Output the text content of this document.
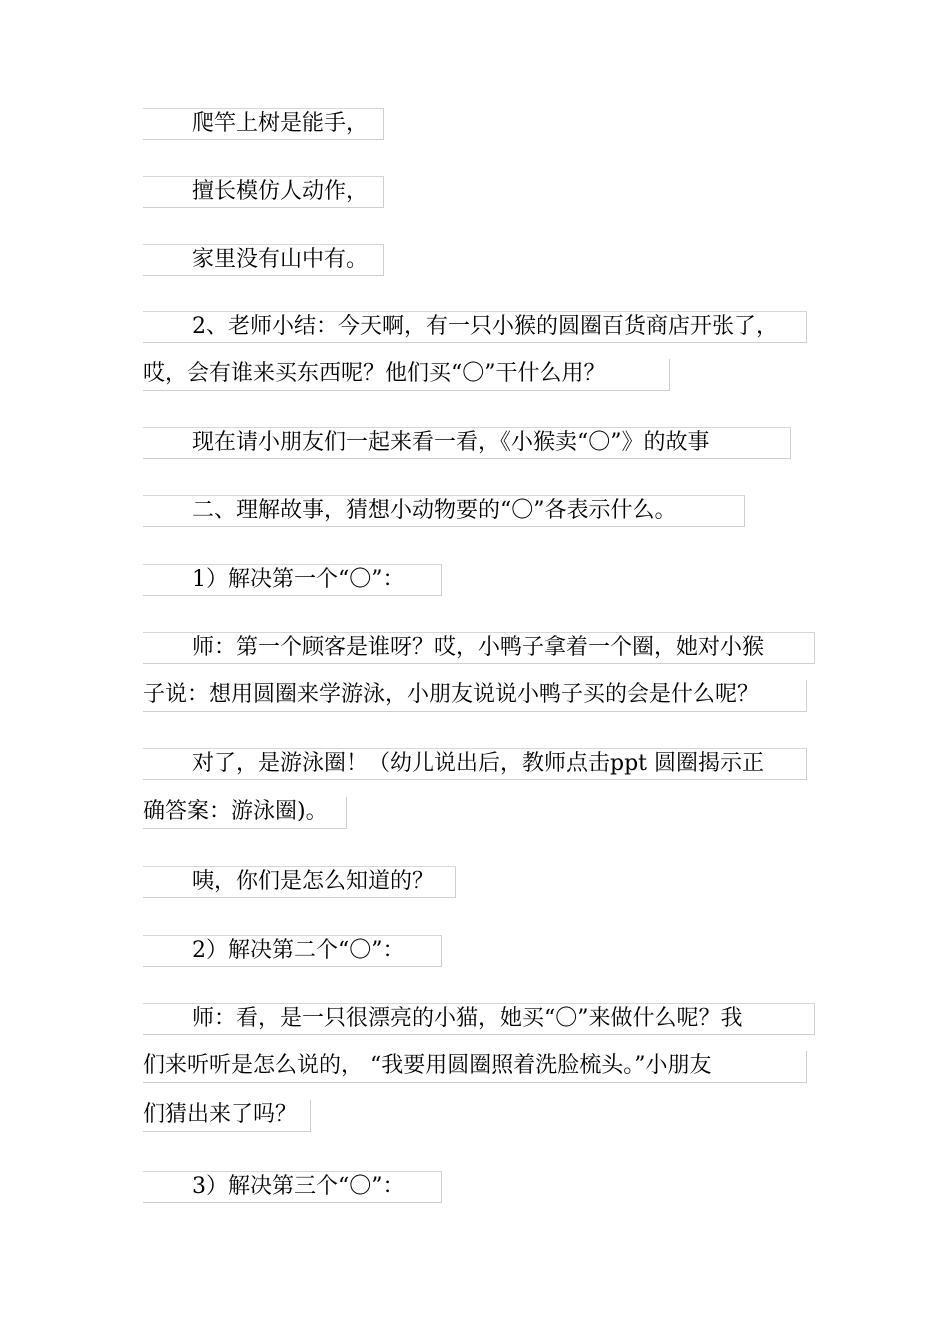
爬竿上树是能手，
擅长模仿人动作，
家里没有山中有。
2、老师小结：今天啊，有一只小猴的圆圈百货商店开张了，
哎，会有谁来买东西呢？他们买“〇”干什么用？
现在请小朋友们一起来看一看，《小猴卖“〇”》的故事
二、理解故事，猜想小动物要的“〇”各表示什么。
1）解决第一个“〇”：
师：第一个顾客是谁呀？哎，小鸭子拿着一个圈，她对小猴
子说：想用圆圈来学游泳，小朋友说说小鸭子买的会是什么呢？
对了，是游泳圈！（幼儿说出后，教师点击ppt 圆圈揭示正
确答案：游泳圈)。
咦，你们是怎么知道的？
2）解决第二个“〇”：
师：看，是一只很漂亮的小猫，她买“〇”来做什么呢？我
们来听听是怎么说的， “我要用圆圈照着洗脸梳头。”小朋友
们猜出来了吗？
3）解决第三个“〇”：
